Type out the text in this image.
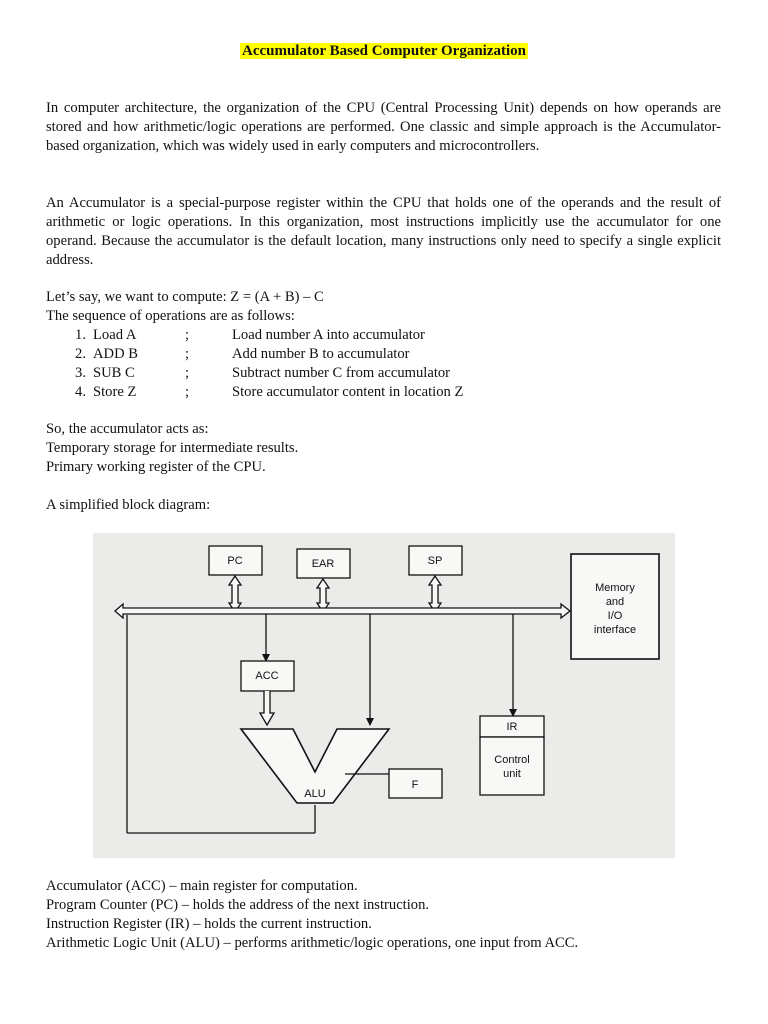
Accumulator Based Computer Organization

In computer architecture, the organization of the CPU (Central Processing Unit) depends on how operands are stored and how arithmetic/logic operations are performed. One classic and simple approach is the Accumulator-based organization, which was widely used in early computers and microcontrollers.

An Accumulator is a special-purpose register within the CPU that holds one of the operands and the result of arithmetic or logic operations. In this organization, most instructions implicitly use the accumulator for one operand. Because the accumulator is the default location, many instructions only need to specify a single explicit address.

Let’s say, we want to compute: Z = (A + B) – C
The sequence of operations are as follows:
1. Load A	;	Load number A into accumulator
2. ADD B	;	Add number B to accumulator
3. SUB C	;	Subtract number C from accumulator
4. Store Z	;	Store accumulator content in location Z
So, the accumulator acts as:
Temporary storage for intermediate results.
Primary working register of the CPU.
A simplified block diagram:
PC	EAR	SP
Memory
and
I/O
interface
ACC
IR
Control
unit
F
ALU
Accumulator (ACC) – main register for computation.
Program Counter (PC) – holds the address of the next instruction.
Instruction Register (IR) – holds the current instruction.
Arithmetic Logic Unit (ALU) – performs arithmetic/logic operations, one input from ACC.
